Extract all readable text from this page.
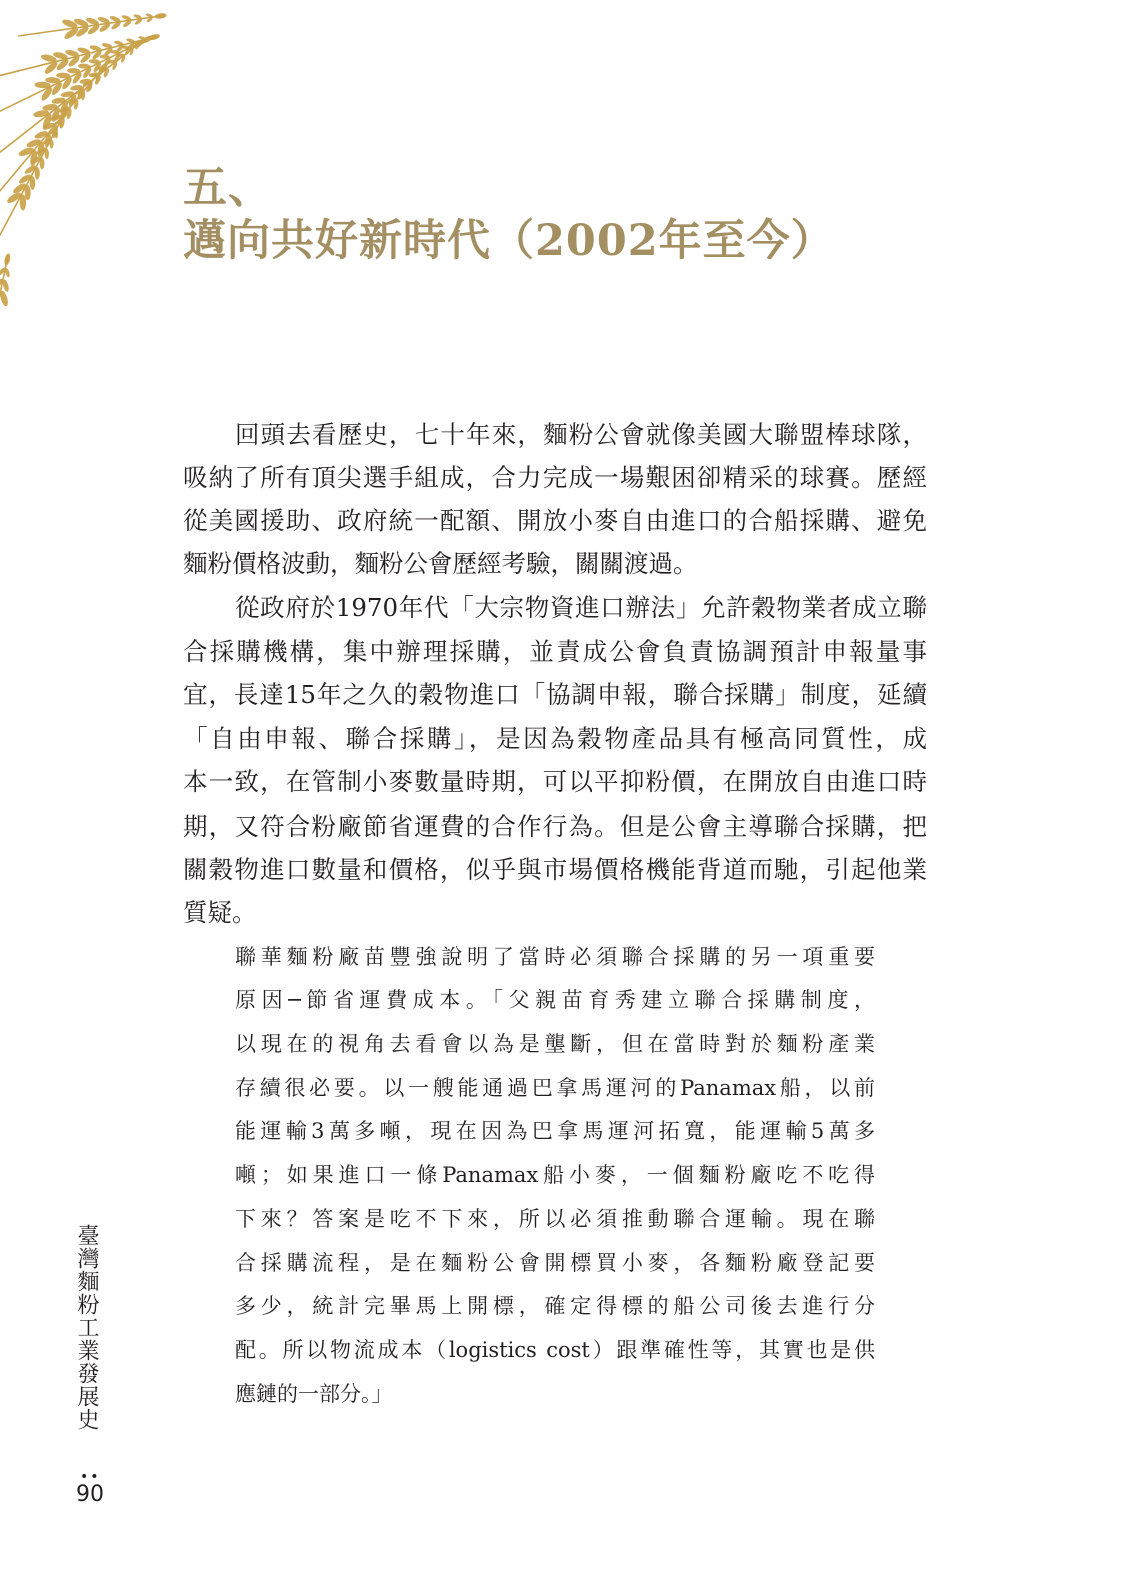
五、
邁向共好新時代（2002年至今）

回頭去看歷史，七十年來，麵粉公會就像美國大聯盟棒球隊，

吸納了所有頂尖選手組成，合力完成一場艱困卻精采的球賽。歷經

從美國援助、政府統一配額、開放小麥自由進口的合船採購、避免

麵粉價格波動，麵粉公會歷經考驗，關關渡過。

從政府於1970年代「大宗物資進口辦法」允許穀物業者成立聯

合採購機構，集中辦理採購，並責成公會負責協調預計申報量事

宜，長達15年之久的穀物進口「協調申報，聯合採購」制度，延續

「自由申報、聯合採購」，是因為穀物產品具有極高同質性，成

本一致，在管制小麥數量時期，可以平抑粉價，在開放自由進口時

期，又符合粉廠節省運費的合作行為。但是公會主導聯合採購，把

關穀物進口數量和價格，似乎與市場價格機能背道而馳，引起他業

質疑。

聯華麵粉廠苗豐強說明了當時必須聯合採購的另一項重要

原因─節省運費成本。「父親苗育秀建立聯合採購制度，

以現在的視角去看會以為是壟斷，但在當時對於麵粉產業

存續很必要。以一艘能通過巴拿馬運河的Panamax船，以前

能運輸3萬多噸，現在因為巴拿馬運河拓寬，能運輸5萬多

噸；如果進口一條Panamax船小麥，一個麵粉廠吃不吃得

下來？答案是吃不下來，所以必須推動聯合運輸。現在聯

合採購流程，是在麵粉公會開標買小麥，各麵粉廠登記要

多少，統計完畢馬上開標，確定得標的船公司後去進行分

配。所以物流成本（logistics cost）跟準確性等，其實也是供

應鏈的一部分。」

臺灣麵粉工業發展史
••
90
